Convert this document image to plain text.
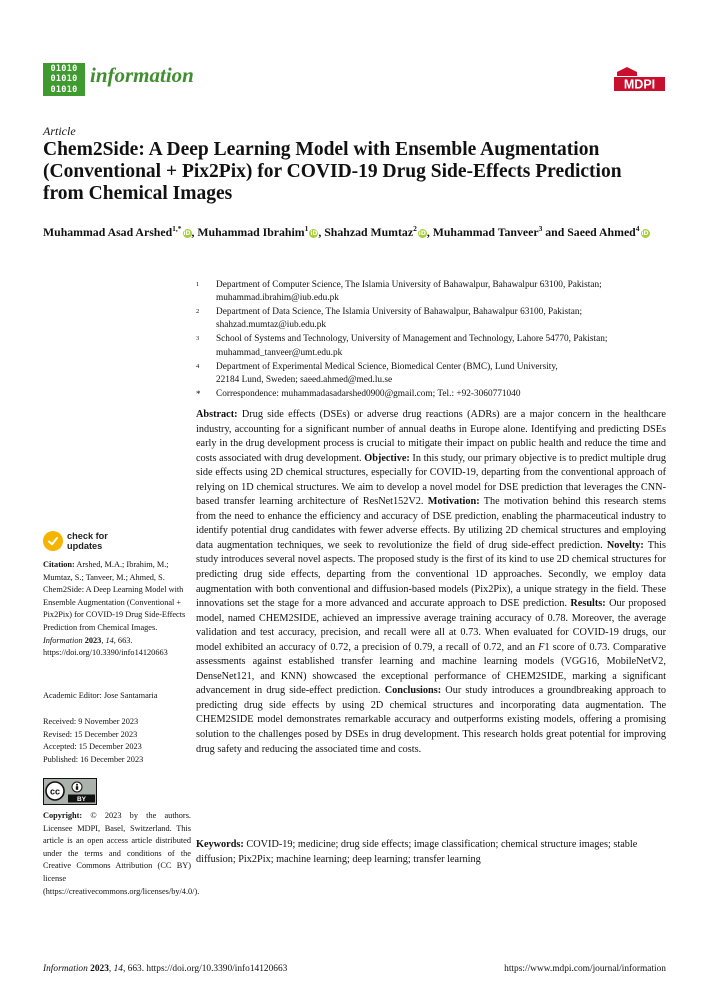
01010
01010
01010
information	MDPI
Article
Chem2Side: A Deep Learning Model with Ensemble Augmentation (Conventional + Pix2Pix) for COVID-19 Drug Side-Effects Prediction from Chemical Images
Muhammad Asad Arshed$^{1,*}$iD, Muhammad Ibrahim$^1$iD, Shahzad Mumtaz$^2$iD, Muhammad Tanveer$^3$ and Saeed Ahmed$^4$iD
1 Department of Computer Science, The Islamia University of Bahawalpur, Bahawalpur 63100, Pakistan;
muhammad.ibrahim@iub.edu.pk
2 Department of Data Science, The Islamia University of Bahawalpur, Bahawalpur 63100, Pakistan;
shahzad.mumtaz@iub.edu.pk
3 School of Systems and Technology, University of Management and Technology, Lahore 54770, Pakistan;
muhammad_tanveer@umt.edu.pk
4 Department of Experimental Medical Science, Biomedical Center (BMC), Lund University,
22184 Lund, Sweden; saeed.ahmed@med.lu.se
* Correspondence: muhammadasadarshed0900@gmail.com; Tel.: +92-3060771040

Abstract: Drug side effects (DSEs) or adverse drug reactions (ADRs) are a major concern in the healthcare industry, accounting for a significant number of annual deaths in Europe alone. Identifying and predicting DSEs early in the drug development process is crucial to mitigate their impact on public health and reduce the time and costs associated with drug development. Objective: In this study, our primary objective is to predict multiple drug side effects using 2D chemical structures, especially for COVID-19, departing from the conventional approach of relying on 1D chemical structures. We aim to develop a novel model for DSE prediction that leverages the CNN-based transfer learning architecture of ResNet152V2. Motivation: The motivation behind this research stems from the need to enhance the efficiency and accuracy of DSE prediction, enabling the pharmaceutical industry to identify potential drug candidates with fewer adverse effects. By utilizing 2D chemical structures and employing data augmentation techniques, we seek to revolutionize the field of drug side-effect prediction. Novelty: This study introduces several novel aspects. The proposed study is the first of its kind to use 2D chemical structures for predicting drug side effects, departing from the conventional 1D approaches. Secondly, we employ data augmentation with both conventional and diffusion-based models (Pix2Pix), a unique strategy in the field. These innovations set the stage for a more advanced and accurate approach to DSE prediction. Results: Our proposed model, named CHEM2SIDE, achieved an impressive average training accuracy of 0.78. Moreover, the average validation and test accuracy, precision, and recall were all at 0.73. When evaluated for COVID-19 drugs, our model exhibited an accuracy of 0.72, a precision of 0.79, a recall of 0.72, and an F1 score of 0.73. Comparative assessments against established transfer learning and machine learning models (VGG16, MobileNetV2, DenseNet121, and KNN) showcased the exceptional performance of CHEM2SIDE, marking a significant advancement in drug side-effect prediction. Conclusions: Our study introduces a groundbreaking approach to predicting drug side effects by using 2D chemical structures and incorporating data augmentation. The CHEM2SIDE model demonstrates remarkable accuracy and outperforms existing models, offering a promising solution to the challenges posed by DSEs in drug development. This research holds great potential for improving drug safety and reducing the associated time and costs.

Keywords: COVID-19; medicine; drug side effects; image classification; chemical structure images; stable diffusion; Pix2Pix; machine learning; deep learning; transfer learning

check for
updates
Citation: Arshed, M.A.; Ibrahim, M.; Mumtaz, S.; Tanveer, M.; Ahmed, S. Chem2Side: A Deep Learning Model with Ensemble Augmentation (Conventional + Pix2Pix) for COVID-19 Drug Side-Effects Prediction from Chemical Images. Information 2023, 14, 663. https://doi.org/10.3390/info14120663
Academic Editor: Jose Santamaria
Received: 9 November 2023
Revised: 15 December 2023
Accepted: 15 December 2023
Published: 16 December 2023
cc
BY
Copyright: © 2023 by the authors. Licensee MDPI, Basel, Switzerland. This article is an open access article distributed under the terms and conditions of the Creative Commons Attribution (CC BY) license (https://creativecommons.org/licenses/by/4.0/).
Information 2023, 14, 663. https://doi.org/10.3390/info14120663	https://www.mdpi.com/journal/information
